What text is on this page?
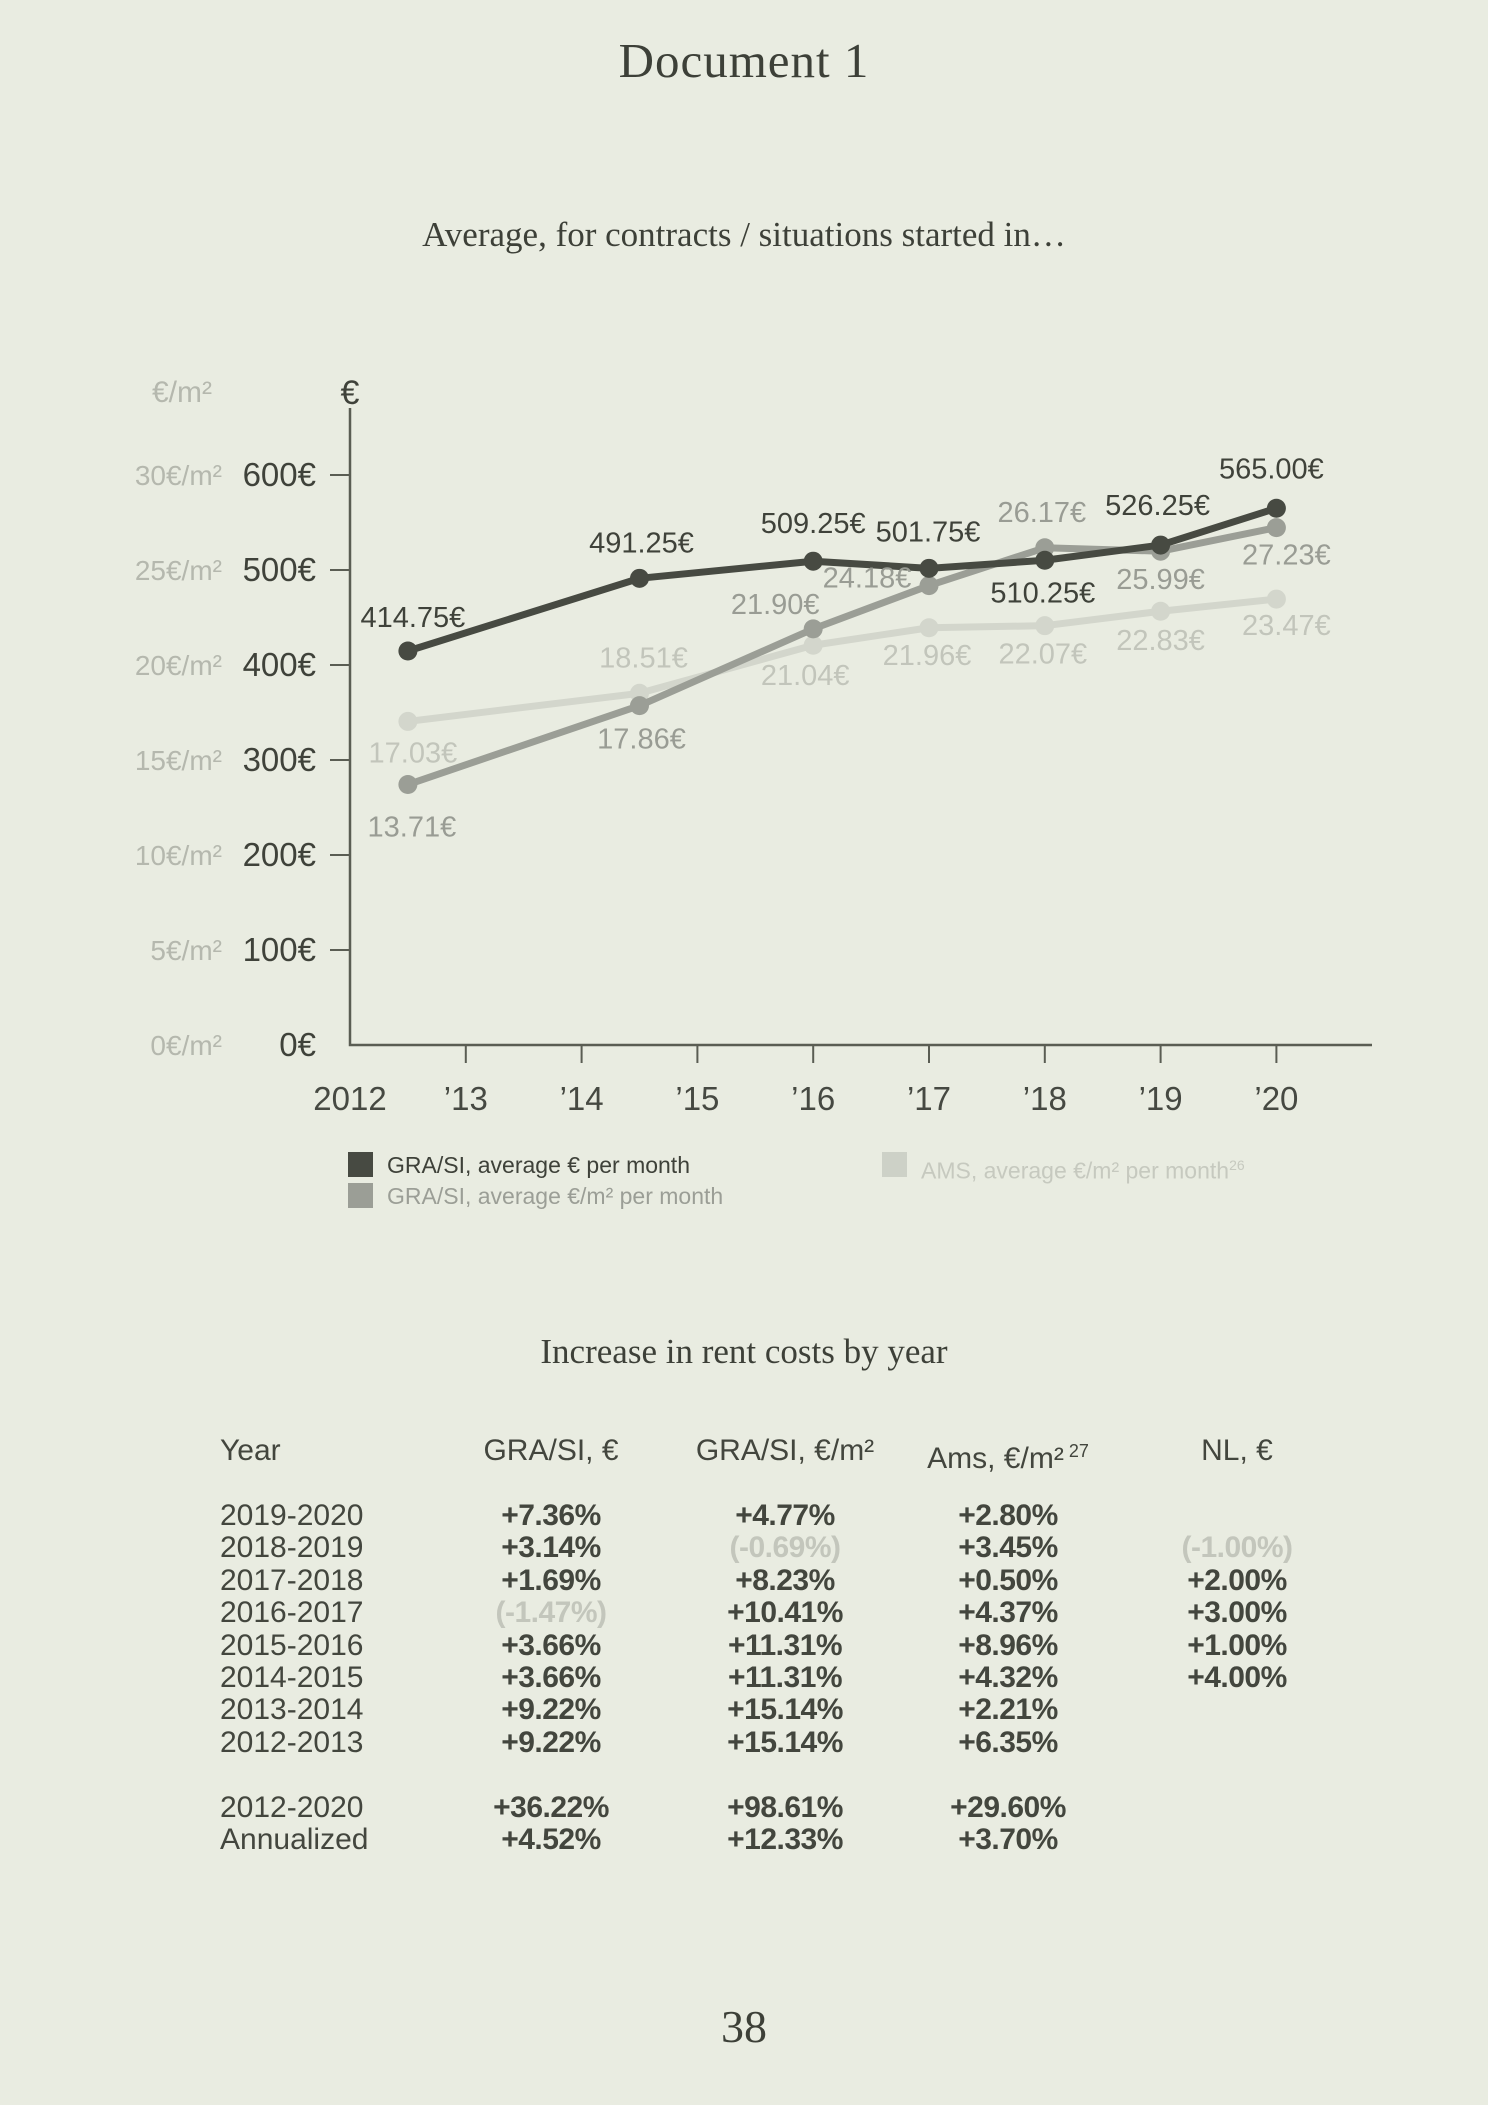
Document 1
Average, for contracts / situations started in…
0€
100€
200€
300€
400€
500€
600€
0€/m²
5€/m²
10€/m²
15€/m²
20€/m²
25€/m²
30€/m²
€/m²	€
2012 ’13 ’14 ’15 ’16 ’17 ’18 ’19 ’20
17.03€
18.51€
21.04€
21.96€ 22.07€ 22.83€ 23.47€
13.71€
17.86€
21.90€
24.18€
26.17€
25.99€
27.23€
414.75€
491.25€
509.25€ 501.75€
510.25€
526.25€
565.00€
GRA/SI, average € per month
GRA/SI, average €/m² per month
AMS, average €/m² per month$^{26}$
Increase in rent costs by year
Year	GRA/SI, €	GRA/SI, €/m²	Ams, €/m² $^{27}$	NL, €
2019-2020	+7.36%	+4.77%	+2.80%
2018-2019	+3.14%	(-0.69%)	+3.45%	(-1.00%)
2017-2018	+1.69%	+8.23%	+0.50%	+2.00%
2016-2017	(-1.47%)	+10.41%	+4.37%	+3.00%
2015-2016	+3.66%	+11.31%	+8.96%	+1.00%
2014-2015	+3.66%	+11.31%	+4.32%	+4.00%
2013-2014	+9.22%	+15.14%	+2.21%
2012-2013	+9.22%	+15.14%	+6.35%
2012-2020	+36.22%	+98.61%	+29.60%
Annualized	+4.52%	+12.33%	+3.70%
38
